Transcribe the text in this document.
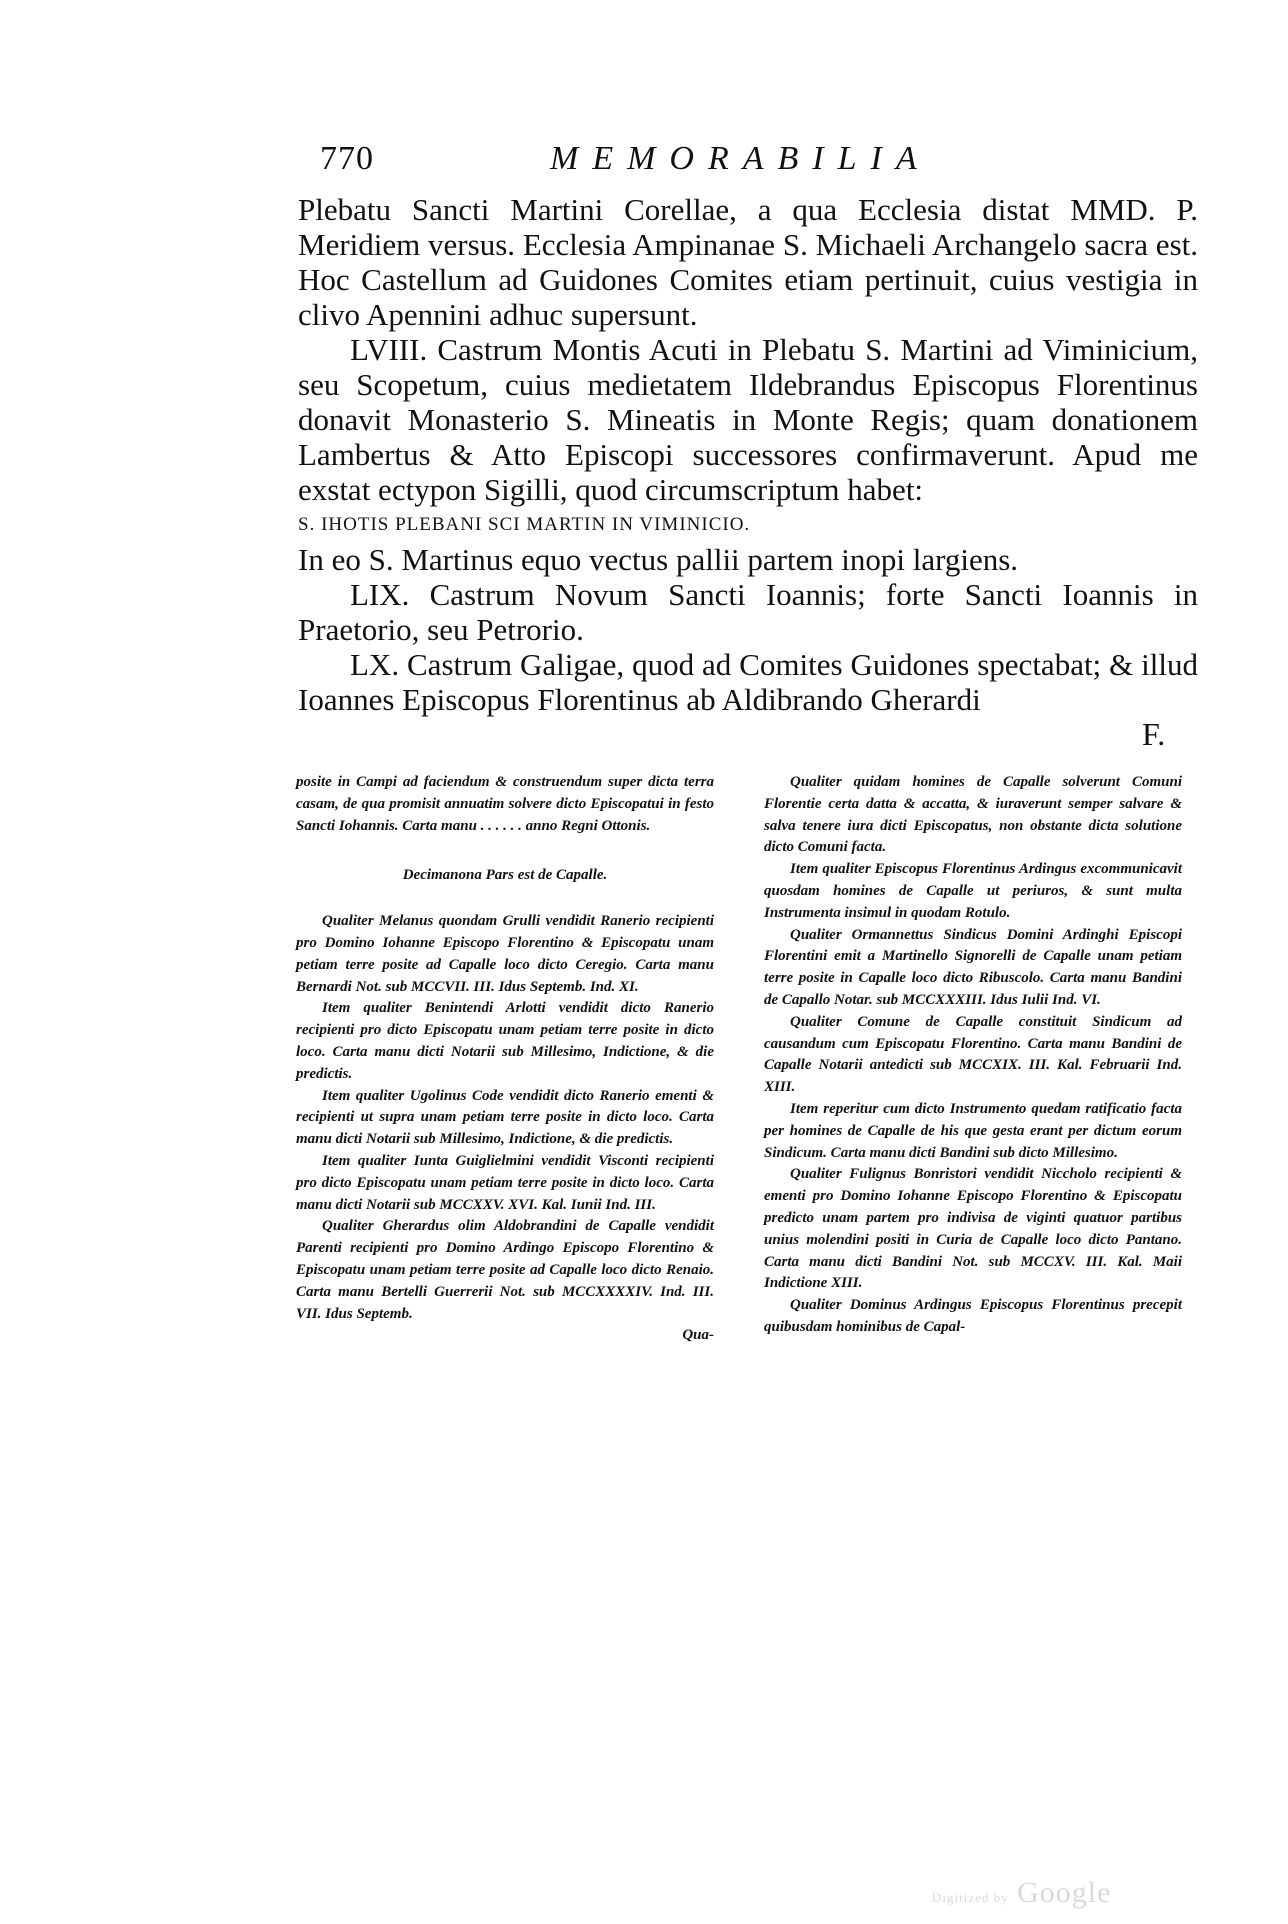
770	MEMORABILIA

Plebatu Sancti Martini Corellae, a qua Ecclesia distat MMD. P. Meridiem versus. Ecclesia Ampinanae S. Michaeli Archangelo sacra est. Hoc Castellum ad Guidones Comites etiam pertinuit, cuius vestigia in clivo Apennini adhuc supersunt.

LVIII. Castrum Montis Acuti in Plebatu S. Martini ad Viminicium, seu Scopetum, cuius medietatem Ildebrandus Episcopus Florentinus donavit Monasterio S. Mineatis in Monte Regis; quam donationem Lambertus & Atto Episcopi successores confirmaverunt. Apud me exstat ectypon Sigilli, quod circumscriptum habet:

S. IHOTIS PLEBANI SCI MARTIN IN VIMINICIO.

In eo S. Martinus equo vectus pallii partem inopi largiens.

LIX. Castrum Novum Sancti Ioannis; forte Sancti Ioannis in Praetorio, seu Petrorio.

LX. Castrum Galigae, quod ad Comites Guidones spectabat; & illud Ioannes Episcopus Florentinus ab Aldibrando Gherardi

F.

posite in Campi ad faciendum & construendum super dicta terra casam, de qua promisit annuatim solvere dicto Episcopatui in festo Sancti Iohannis. Carta manu . . . . . . anno Regni Ottonis.

Decimanona Pars est de Capalle.

Qualiter Melanus quondam Grulli vendidit Ranerio recipienti pro Domino Iohanne Episcopo Florentino & Episcopatu unam petiam terre posite ad Capalle loco dicto Ceregio. Carta manu Bernardi Not. sub MCCVII. III. Idus Septemb. Ind. XI.

Item qualiter Benintendi Arlotti vendidit dicto Ranerio recipienti pro dicto Episcopatu unam petiam terre posite in dicto loco. Carta manu dicti Notarii sub Millesimo, Indictione, & die predictis.

Item qualiter Ugolinus Code vendidit dicto Ranerio ementi & recipienti ut supra unam petiam terre posite in dicto loco. Carta manu dicti Notarii sub Millesimo, Indictione, & die predictis.

Item qualiter Iunta Guiglielmini vendidit Visconti recipienti pro dicto Episcopatu unam petiam terre posite in dicto loco. Carta manu dicti Notarii sub MCCXXV. XVI. Kal. Iunii Ind. III.

Qualiter Gherardus olim Aldobrandini de Capalle vendidit Parenti recipienti pro Domino Ardingo Episcopo Florentino & Episcopatu unam petiam terre posite ad Capalle loco dicto Renaio. Carta manu Bertelli Guerrerii Not. sub MCCXXXXIV. Ind. III. VII. Idus Septemb.

Qua-

Qualiter quidam homines de Capalle solverunt Comuni Florentie certa datta & accatta, & iuraverunt semper salvare & salva tenere iura dicti Episcopatus, non obstante dicta solutione dicto Comuni facta.

Item qualiter Episcopus Florentinus Ardingus excommunicavit quosdam homines de Capalle ut periuros, & sunt multa Instrumenta insimul in quodam Rotulo.

Qualiter Ormannettus Sindicus Domini Ardinghi Episcopi Florentini emit a Martinello Signorelli de Capalle unam petiam terre posite in Capalle loco dicto Ribuscolo. Carta manu Bandini de Capallo Notar. sub MCCXXXIII. Idus Iulii Ind. VI.

Qualiter Comune de Capalle constituit Sindicum ad causandum cum Episcopatu Florentino. Carta manu Bandini de Capalle Notarii antedicti sub MCCXIX. III. Kal. Februarii Ind. XIII.

Item reperitur cum dicto Instrumento quedam ratificatio facta per homines de Capalle de his que gesta erant per dictum eorum Sindicum. Carta manu dicti Bandini sub dicto Millesimo.

Qualiter Fulignus Bonristori vendidit Niccholo recipienti & ementi pro Domino Iohanne Episcopo Florentino & Episcopatu predicto unam partem pro indivisa de viginti quatuor partibus unius molendini positi in Curia de Capalle loco dicto Pantano. Carta manu dicti Bandini Not. sub MCCXV. III. Kal. Maii Indictione XIII.

Qualiter Dominus Ardingus Episcopus Florentinus precepit quibusdam hominibus de Capal-

Digitized by Google
